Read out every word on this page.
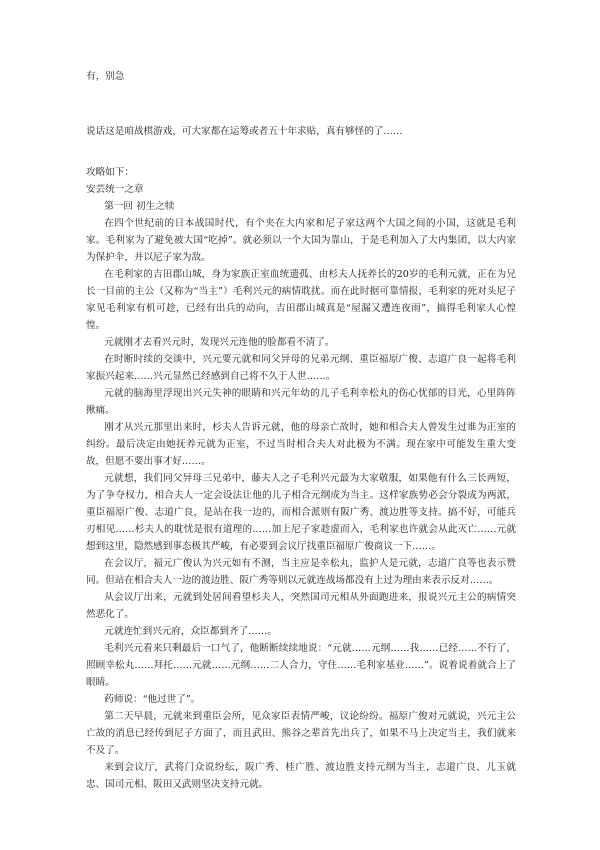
有，别急

说话这是咱战棋游戏，可大家都在运筹或者五十年求贴，真有够怪的了……

攻略如下：

安芸统一之章

第一回 初生之犊

在四个世纪前的日本战国时代，有个夹在大内家和尼子家这两个大国之间的小国，这就是毛利家。毛利家为了避免被大国“吃掉”。就必须以一个大国为靠山，于是毛利加入了大内集团，以大内家为保护伞，并以尼子家为敌。

在毛利家的吉田郡山城，身为家族正室血统遗孤、由杉夫人抚养长的20岁的毛利元就，正在为兄长一目前的主公（又称为“当主”）毛利兴元的病情耽扰。而在此时据可靠情报，毛利家的死对头尼子家见毛利家有机可趁，已经有出兵的动向，吉田郡山城真是“屋漏又遭连夜雨”，搞得毛利家人心惶惶。

元就刚才去看兴元时，发现兴元连他的脸都看不清了。

在时断时续的交谈中，兴元要元就和同父异母的兄弟元纲、重臣福原广俊、志道广良一起将毛利家振兴起来……兴元显然已经感到自己将不久于人世……。

元就的脑海里浮现出兴元失神的眼睛和兴元年幼的儿子毛利幸松丸的伤心忧郁的目光，心里阵阵揪痛。

刚才从兴元那里出来时，杉夫人告诉元就，他的母亲亡故时，她和相合夫人曾发生过谁为正室的纠纷。最后决定由她抚养元就为正室，不过当时相合夫人对此极为不满。现在家中可能发生重大变故，但愿不要出事才好……。

元就想，我们同父异母三兄弟中，藤夫人之子毛利兴元最为大家敬服，如果他有什么三长两短，为了争夺权力，相合夫人一定会设法让他的儿子相合元纲成为当主。这样家族势必会分裂成为两派，重臣福原广俊、志道广良，是站在我一边的，而相合派则有阪广秀、渡边胜等支持。搞不好，可能兵刃相见……杉夫人的耽忧是很有道理的……加上尼子家趁虚而入，毛利家也许就会从此灭亡……元就想到这里，隐然感到事态极其严峻，有必要到会议厅找重臣福原广俊商议一下……。

在会议厅，福元广俊认为兴元如有不测，当主应是幸松丸，监护人是元就，志道广良等也表示赞同。但站在相合夫人一边的渡边胜、阪广秀等则以元就连战场都没有上过为理由来表示反对……。

从会议厅出来，元就到处居间看望杉夫人，突然国司元相从外面跑进来，报说兴元主公的病情突然恶化了。

元就连忙到兴元府，众臣都到齐了……。

毛利兴元看来只剩最后一口气了，他断断续续地说：“元就……元纲……我……已经……不行了，照顾幸松丸……拜托……元就……元纲……二人合力，守住……毛利家基业……”。说着说着就合上了眼睛。

药师说：“他过世了”。

第二天早晨，元就来到重臣会所，见众家臣表情严峻，议论纷纷。福原广俊对元就说，兴元主公亡故的消息已经传到尼子方面了，而且武田、熊谷之辈首先出兵了，如果不马上决定当主，我们就来不及了。

来到会议厅，武将门众说纷纭，阪广秀、桂广胜、渡边胜支持元纲为当主，志道广良、儿玉就忠、国司元相、阪田又武则坚决支持元就。
